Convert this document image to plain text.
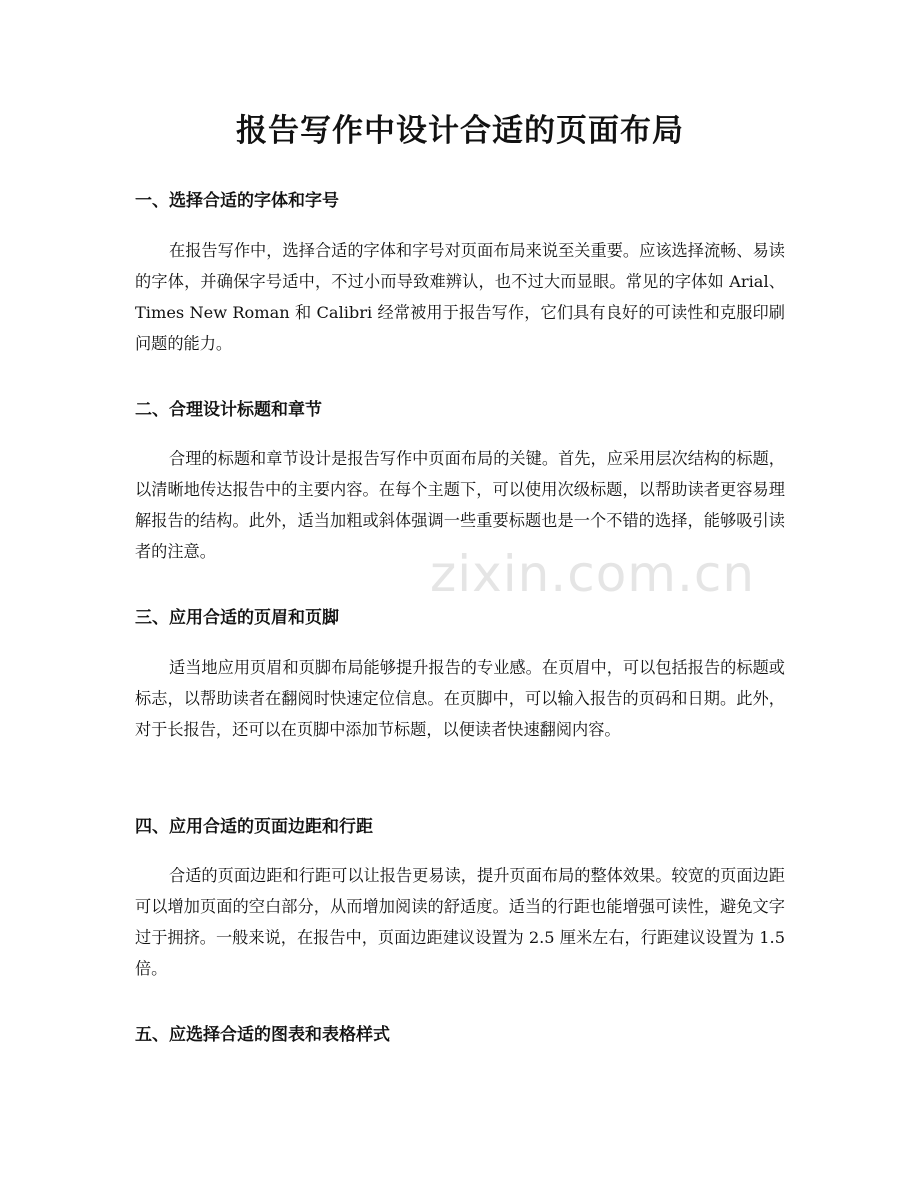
报告写作中设计合适的页面布局
一、选择合适的字体和字号

在报告写作中，选择合适的字体和字号对页面布局来说至关重要。应该选择流畅、易读的字体，并确保字号适中，不过小而导致难辨认，也不过大而显眼。常见的字体如 Arial、Times New Roman 和 Calibri 经常被用于报告写作，它们具有良好的可读性和克服印刷问题的能力。

二、合理设计标题和章节

合理的标题和章节设计是报告写作中页面布局的关键。首先，应采用层次结构的标题，以清晰地传达报告中的主要内容。在每个主题下，可以使用次级标题，以帮助读者更容易理解报告的结构。此外，适当加粗或斜体强调一些重要标题也是一个不错的选择，能够吸引读者的注意。

三、应用合适的页眉和页脚

适当地应用页眉和页脚布局能够提升报告的专业感。在页眉中，可以包括报告的标题或标志，以帮助读者在翻阅时快速定位信息。在页脚中，可以输入报告的页码和日期。此外，对于长报告，还可以在页脚中添加节标题，以便读者快速翻阅内容。

四、应用合适的页面边距和行距

合适的页面边距和行距可以让报告更易读，提升页面布局的整体效果。较宽的页面边距可以增加页面的空白部分，从而增加阅读的舒适度。适当的行距也能增强可读性，避免文字过于拥挤。一般来说，在报告中，页面边距建议设置为 2.5 厘米左右，行距建议设置为 1.5 倍。

五、应选择合适的图表和表格样式
zixin.com.cn
